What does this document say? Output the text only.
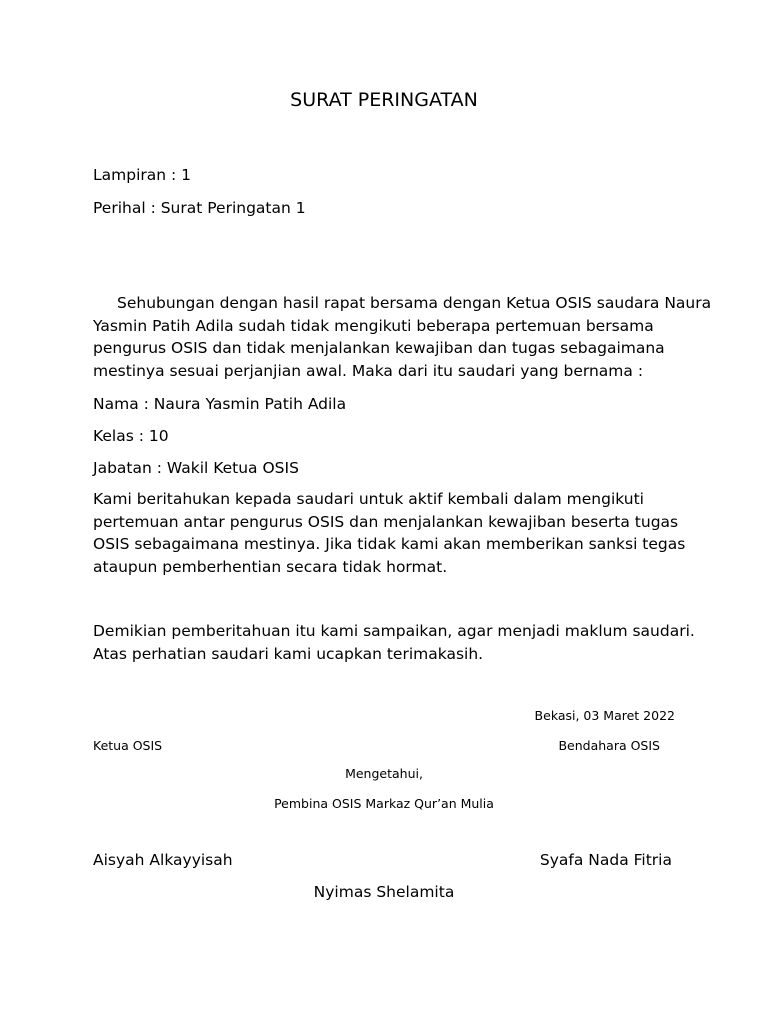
SURAT PERINGATAN
Lampiran : 1
Perihal : Surat Peringatan 1
Sehubungan dengan hasil rapat bersama dengan Ketua OSIS saudara Naura
Yasmin Patih Adila sudah tidak mengikuti beberapa pertemuan bersama
pengurus OSIS dan tidak menjalankan kewajiban dan tugas sebagaimana
mestinya sesuai perjanjian awal. Maka dari itu saudari yang bernama :
Nama : Naura Yasmin Patih Adila
Kelas : 10
Jabatan : Wakil Ketua OSIS
Kami beritahukan kepada saudari untuk aktif kembali dalam mengikuti
pertemuan antar pengurus OSIS dan menjalankan kewajiban beserta tugas
OSIS sebagaimana mestinya. Jika tidak kami akan memberikan sanksi tegas
ataupun pemberhentian secara tidak hormat.
Demikian pemberitahuan itu kami sampaikan, agar menjadi maklum saudari.
Atas perhatian saudari kami ucapkan terimakasih.
Bekasi, 03 Maret 2022
Ketua OSIS	Bendahara OSIS
Mengetahui,
Pembina OSIS Markaz Qur’an Mulia
Aisyah Alkayyisah	Syafa Nada Fitria
Nyimas Shelamita
